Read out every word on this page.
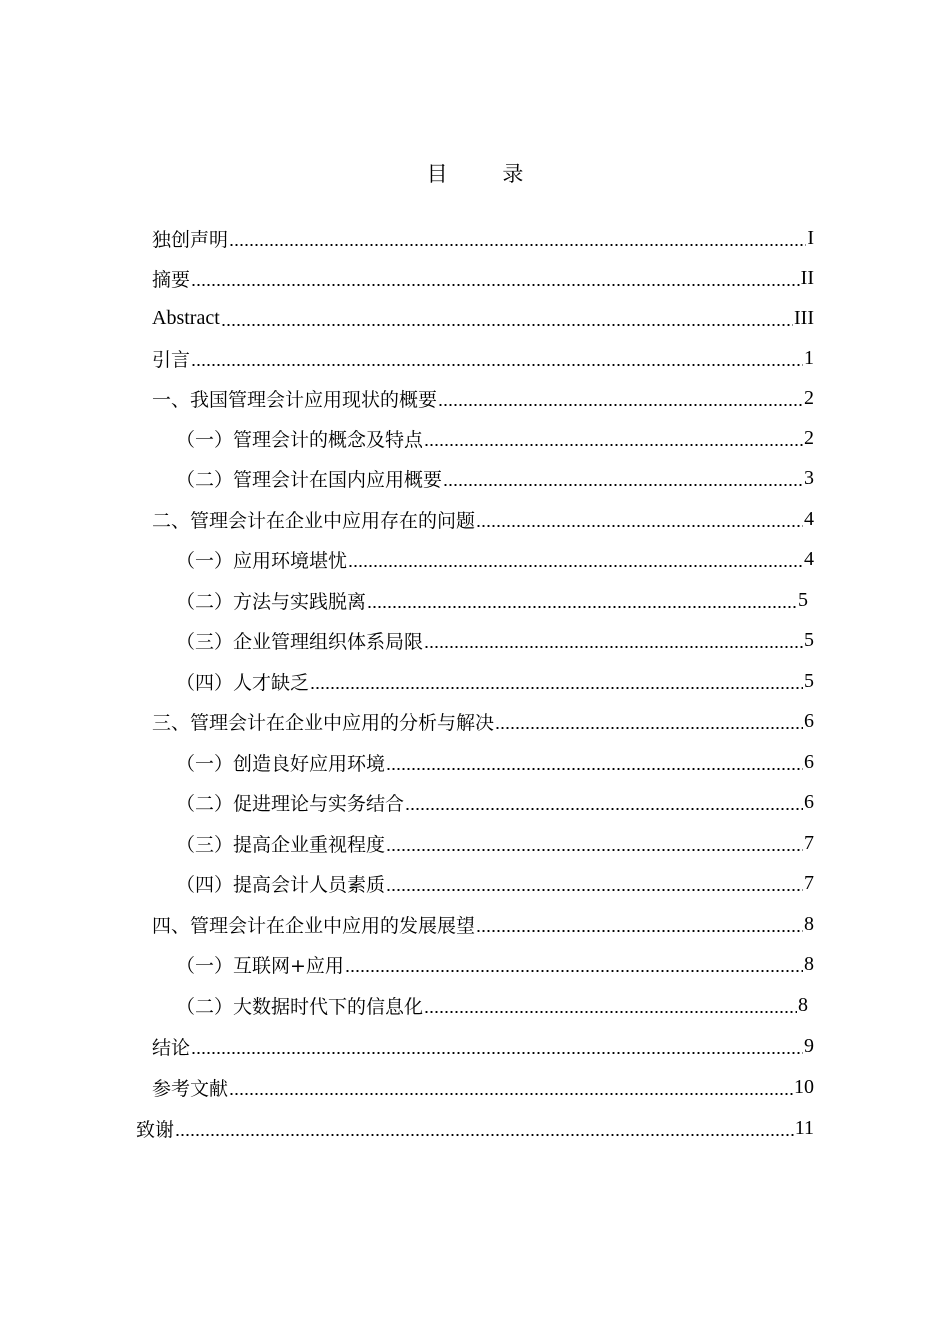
目 录
独创声明	I
摘要	II
Abstract	III
引言	1
一、我国管理会计应用现状的概要	2
（一）管理会计的概念及特点	2
（二）管理会计在国内应用概要	3
二、管理会计在企业中应用存在的问题	4
（一）应用环境堪忧	4
（二）方法与实践脱离	5
（三）企业管理组织体系局限	5
（四）人才缺乏	5
三、管理会计在企业中应用的分析与解决	6
（一）创造良好应用环境	6
（二）促进理论与实务结合	6
（三）提高企业重视程度	7
（四）提高会计人员素质	7
四、管理会计在企业中应用的发展展望	8
（一）互联网+应用	8
（二）大数据时代下的信息化	8
结论	9
参考文献	10
致谢	11
